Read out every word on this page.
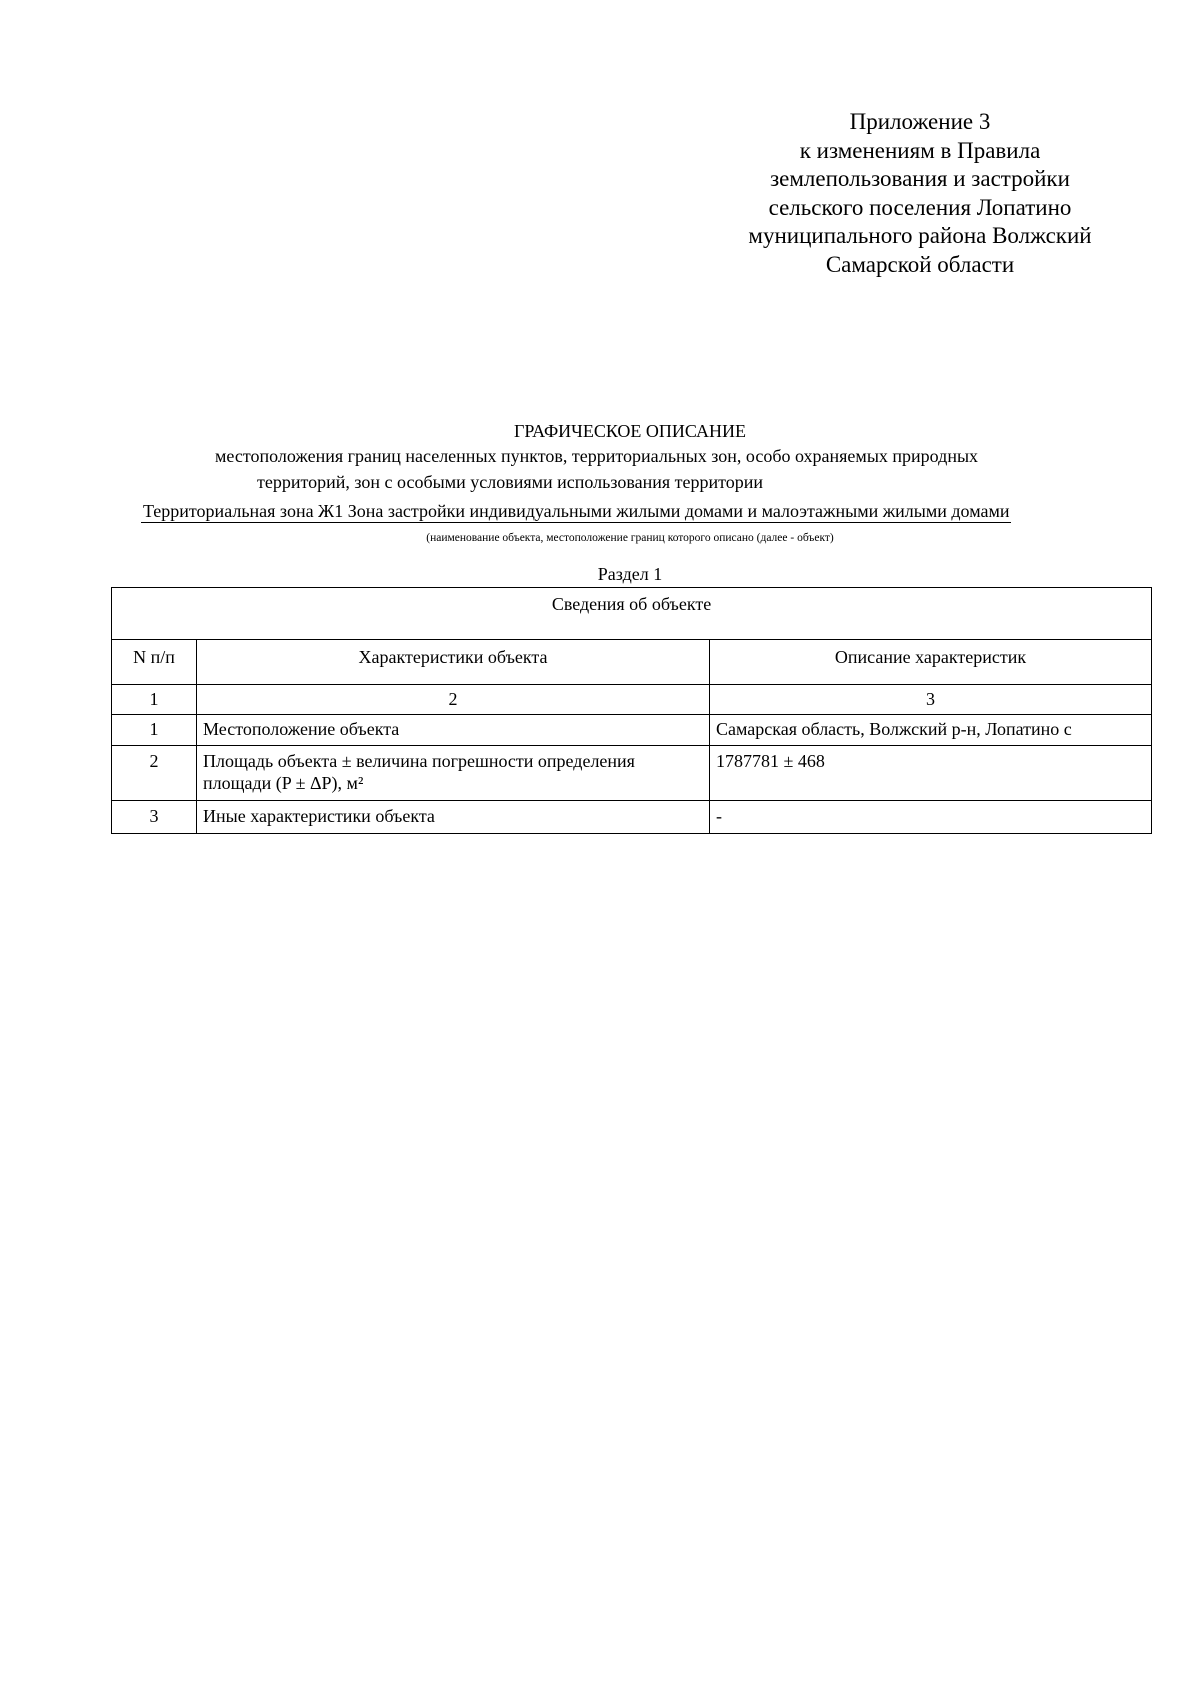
Приложение 3
к изменениям в Правила
землепользования и застройки
сельского поселения Лопатино
муниципального района Волжский
Самарской области
ГРАФИЧЕСКОЕ ОПИСАНИЕ
местоположения границ населенных пунктов, территориальных зон, особо охраняемых природных
территорий, зон с особыми условиями использования территории
Территориальная зона Ж1 Зона застройки индивидуальными жилыми домами и малоэтажными жилыми домами
(наименование объекта, местоположение границ которого описано (далее - объект)
Раздел 1
Сведения об объекте		
N п/п	Характеристики объекта	Описание характеристик
1	2	3
1	Местоположение объекта	Самарская область, Волжский р-н, Лопатино с
2	Площадь объекта ± величина погрешности определения площади (P ± ΔP), м²	1787781 ± 468
3	Иные характеристики объекта	-
